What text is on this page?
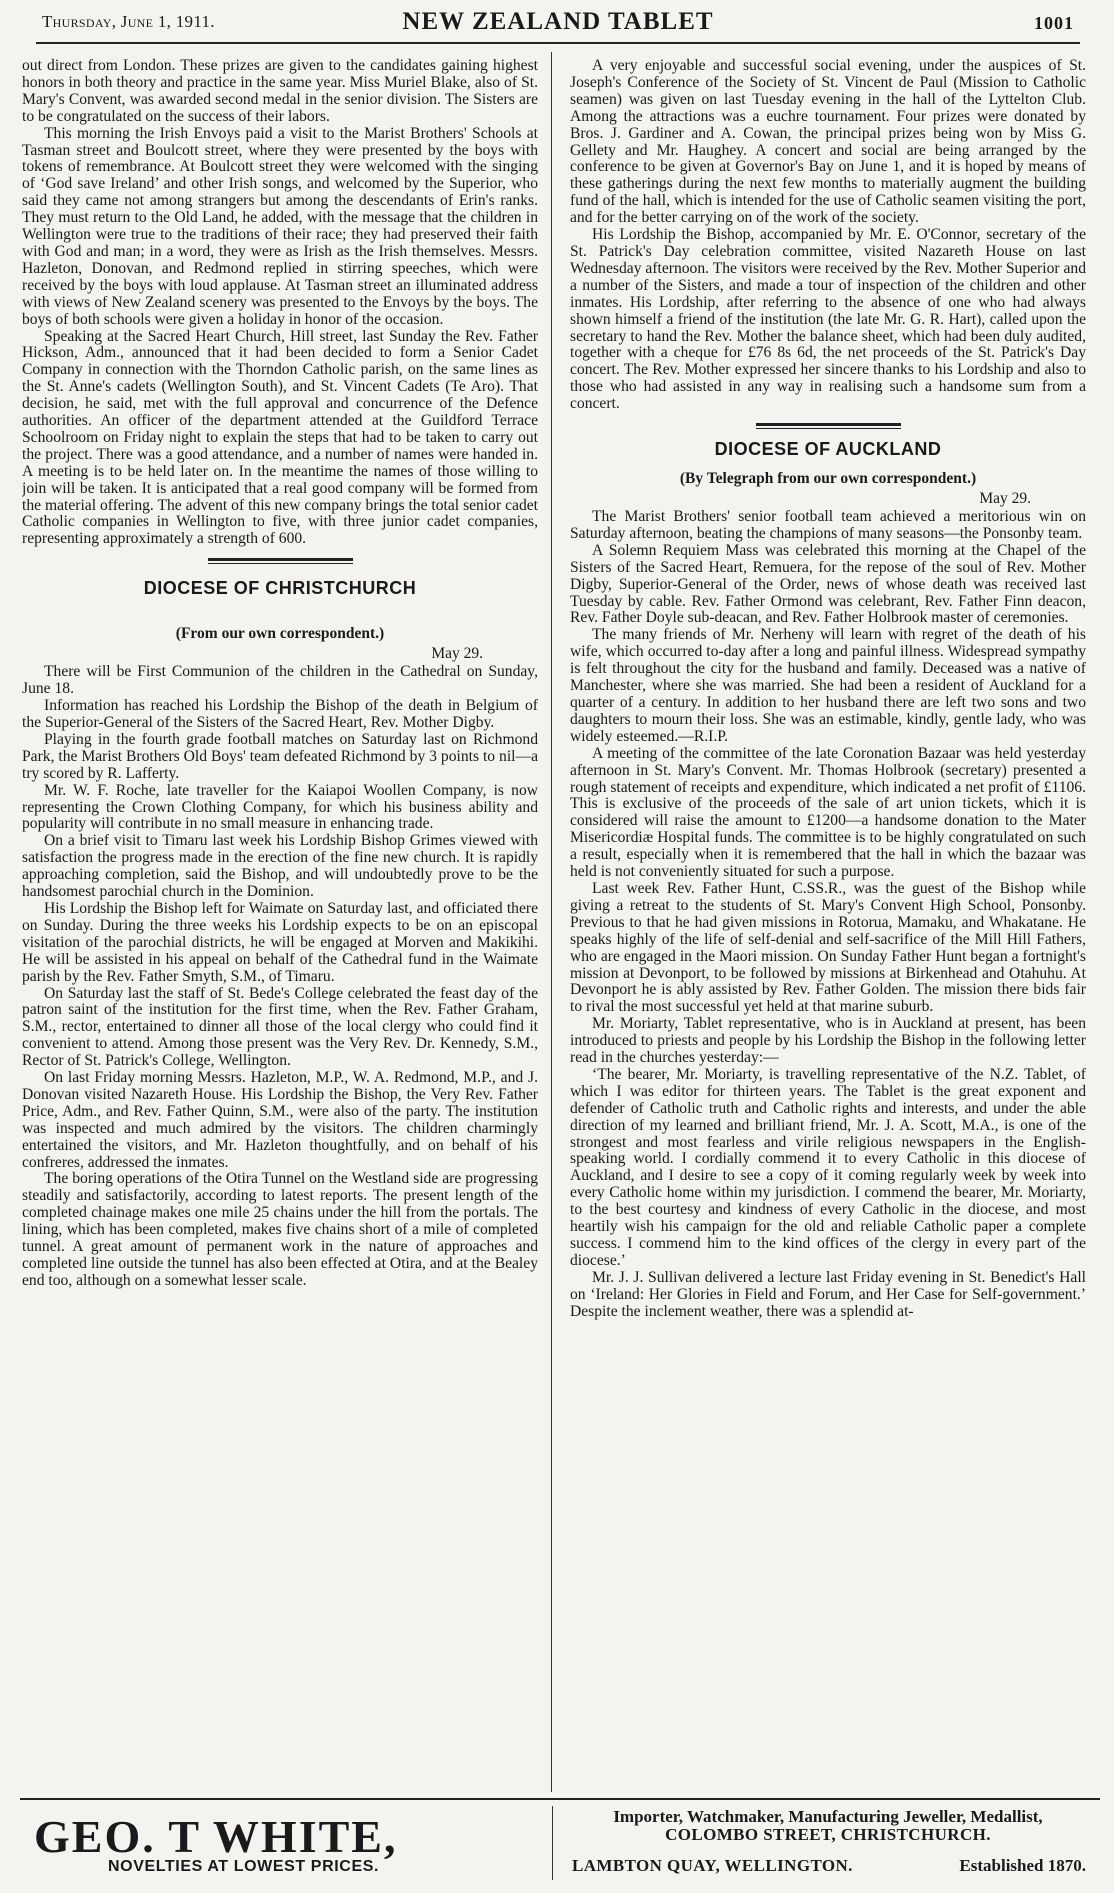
Thursday, June 1, 1911.	NEW ZEALAND TABLET	1001

out direct from London. These prizes are given to the candidates gaining highest honors in both theory and practice in the same year. Miss Muriel Blake, also of St. Mary's Convent, was awarded second medal in the senior division. The Sisters are to be congratulated on the success of their labors.

This morning the Irish Envoys paid a visit to the Marist Brothers' Schools at Tasman street and Boulcott street, where they were presented by the boys with tokens of remembrance. At Boulcott street they were welcomed with the singing of ‘God save Ireland’ and other Irish songs, and welcomed by the Superior, who said they came not among strangers but among the descendants of Erin's ranks. They must return to the Old Land, he added, with the message that the children in Wellington were true to the traditions of their race; they had preserved their faith with God and man; in a word, they were as Irish as the Irish themselves. Messrs. Hazleton, Donovan, and Redmond replied in stirring speeches, which were received by the boys with loud applause. At Tasman street an illuminated address with views of New Zealand scenery was presented to the Envoys by the boys. The boys of both schools were given a holiday in honor of the occasion.

Speaking at the Sacred Heart Church, Hill street, last Sunday the Rev. Father Hickson, Adm., announced that it had been decided to form a Senior Cadet Company in connection with the Thorndon Catholic parish, on the same lines as the St. Anne's cadets (Wellington South), and St. Vincent Cadets (Te Aro). That decision, he said, met with the full approval and concurrence of the Defence authorities. An officer of the department attended at the Guildford Terrace Schoolroom on Friday night to explain the steps that had to be taken to carry out the project. There was a good attendance, and a number of names were handed in. A meeting is to be held later on. In the meantime the names of those willing to join will be taken. It is anticipated that a real good company will be formed from the material offering. The advent of this new company brings the total senior cadet Catholic companies in Wellington to five, with three junior cadet companies, representing approximately a strength of 600.

DIOCESE OF CHRISTCHURCH
(From our own correspondent.)
May 29.

There will be First Communion of the children in the Cathedral on Sunday, June 18.

Information has reached his Lordship the Bishop of the death in Belgium of the Superior-General of the Sisters of the Sacred Heart, Rev. Mother Digby.

Playing in the fourth grade football matches on Saturday last on Richmond Park, the Marist Brothers Old Boys' team defeated Richmond by 3 points to nil—a try scored by R. Lafferty.

Mr. W. F. Roche, late traveller for the Kaiapoi Woollen Company, is now representing the Crown Clothing Company, for which his business ability and popularity will contribute in no small measure in enhancing trade.

On a brief visit to Timaru last week his Lordship Bishop Grimes viewed with satisfaction the progress made in the erection of the fine new church. It is rapidly approaching completion, said the Bishop, and will undoubtedly prove to be the handsomest parochial church in the Dominion.

His Lordship the Bishop left for Waimate on Saturday last, and officiated there on Sunday. During the three weeks his Lordship expects to be on an episcopal visitation of the parochial districts, he will be engaged at Morven and Makikihi. He will be assisted in his appeal on behalf of the Cathedral fund in the Waimate parish by the Rev. Father Smyth, S.M., of Timaru.

On Saturday last the staff of St. Bede's College celebrated the feast day of the patron saint of the institution for the first time, when the Rev. Father Graham, S.M., rector, entertained to dinner all those of the local clergy who could find it convenient to attend. Among those present was the Very Rev. Dr. Kennedy, S.M., Rector of St. Patrick's College, Wellington.

On last Friday morning Messrs. Hazleton, M.P., W. A. Redmond, M.P., and J. Donovan visited Nazareth House. His Lordship the Bishop, the Very Rev. Father Price, Adm., and Rev. Father Quinn, S.M., were also of the party. The institution was inspected and much admired by the visitors. The children charmingly entertained the visitors, and Mr. Hazleton thoughtfully, and on behalf of his confreres, addressed the inmates.

The boring operations of the Otira Tunnel on the Westland side are progressing steadily and satisfactorily, according to latest reports. The present length of the completed chainage makes one mile 25 chains under the hill from the portals. The lining, which has been completed, makes five chains short of a mile of completed tunnel. A great amount of permanent work in the nature of approaches and completed line outside the tunnel has also been effected at Otira, and at the Bealey end too, although on a somewhat lesser scale.

A very enjoyable and successful social evening, under the auspices of St. Joseph's Conference of the Society of St. Vincent de Paul (Mission to Catholic seamen) was given on last Tuesday evening in the hall of the Lyttelton Club. Among the attractions was a euchre tournament. Four prizes were donated by Bros. J. Gardiner and A. Cowan, the principal prizes being won by Miss G. Gellety and Mr. Haughey. A concert and social are being arranged by the conference to be given at Governor's Bay on June 1, and it is hoped by means of these gatherings during the next few months to materially augment the building fund of the hall, which is intended for the use of Catholic seamen visiting the port, and for the better carrying on of the work of the society.

His Lordship the Bishop, accompanied by Mr. E. O'Connor, secretary of the St. Patrick's Day celebration committee, visited Nazareth House on last Wednesday afternoon. The visitors were received by the Rev. Mother Superior and a number of the Sisters, and made a tour of inspection of the children and other inmates. His Lordship, after referring to the absence of one who had always shown himself a friend of the institution (the late Mr. G. R. Hart), called upon the secretary to hand the Rev. Mother the balance sheet, which had been duly audited, together with a cheque for £76 8s 6d, the net proceeds of the St. Patrick's Day concert. The Rev. Mother expressed her sincere thanks to his Lordship and also to those who had assisted in any way in realising such a handsome sum from a concert.

DIOCESE OF AUCKLAND
(By Telegraph from our own correspondent.)
May 29.

The Marist Brothers' senior football team achieved a meritorious win on Saturday afternoon, beating the champions of many seasons—the Ponsonby team.

A Solemn Requiem Mass was celebrated this morning at the Chapel of the Sisters of the Sacred Heart, Remuera, for the repose of the soul of Rev. Mother Digby, Superior-General of the Order, news of whose death was received last Tuesday by cable. Rev. Father Ormond was celebrant, Rev. Father Finn deacon, Rev. Father Doyle sub-deacan, and Rev. Father Holbrook master of ceremonies.

The many friends of Mr. Nerheny will learn with regret of the death of his wife, which occurred to-day after a long and painful illness. Widespread sympathy is felt throughout the city for the husband and family. Deceased was a native of Manchester, where she was married. She had been a resident of Auckland for a quarter of a century. In addition to her husband there are left two sons and two daughters to mourn their loss. She was an estimable, kindly, gentle lady, who was widely esteemed.—R.I.P.

A meeting of the committee of the late Coronation Bazaar was held yesterday afternoon in St. Mary's Convent. Mr. Thomas Holbrook (secretary) presented a rough statement of receipts and expenditure, which indicated a net profit of £1106. This is exclusive of the proceeds of the sale of art union tickets, which it is considered will raise the amount to £1200—a handsome donation to the Mater Misericordiæ Hospital funds. The committee is to be highly congratulated on such a result, especially when it is remembered that the hall in which the bazaar was held is not conveniently situated for such a purpose.

Last week Rev. Father Hunt, C.SS.R., was the guest of the Bishop while giving a retreat to the students of St. Mary's Convent High School, Ponsonby. Previous to that he had given missions in Rotorua, Mamaku, and Whakatane. He speaks highly of the life of self-denial and self-sacrifice of the Mill Hill Fathers, who are engaged in the Maori mission. On Sunday Father Hunt began a fortnight's mission at Devonport, to be followed by missions at Birkenhead and Otahuhu. At Devonport he is ably assisted by Rev. Father Golden. The mission there bids fair to rival the most successful yet held at that marine suburb.

Mr. Moriarty, Tablet representative, who is in Auckland at present, has been introduced to priests and people by his Lordship the Bishop in the following letter read in the churches yesterday:—

‘The bearer, Mr. Moriarty, is travelling representative of the N.Z. Tablet, of which I was editor for thirteen years. The Tablet is the great exponent and defender of Catholic truth and Catholic rights and interests, and under the able direction of my learned and brilliant friend, Mr. J. A. Scott, M.A., is one of the strongest and most fearless and virile religious newspapers in the English-speaking world. I cordially commend it to every Catholic in this diocese of Auckland, and I desire to see a copy of it coming regularly week by week into every Catholic home within my jurisdiction. I commend the bearer, Mr. Moriarty, to the best courtesy and kindness of every Catholic in the diocese, and most heartily wish his campaign for the old and reliable Catholic paper a complete success. I commend him to the kind offices of the clergy in every part of the diocese.’

Mr. J. J. Sullivan delivered a lecture last Friday evening in St. Benedict's Hall on ‘Ireland: Her Glories in Field and Forum, and Her Case for Self-government.’ Despite the inclement weather, there was a splendid at-

GEO. T WHITE,
NOVELTIES AT LOWEST PRICES.
Importer, Watchmaker, Manufacturing Jeweller, Medallist,
COLOMBO STREET, CHRISTCHURCH.
LAMBTON QUAY, WELLINGTON.	Established 1870.
